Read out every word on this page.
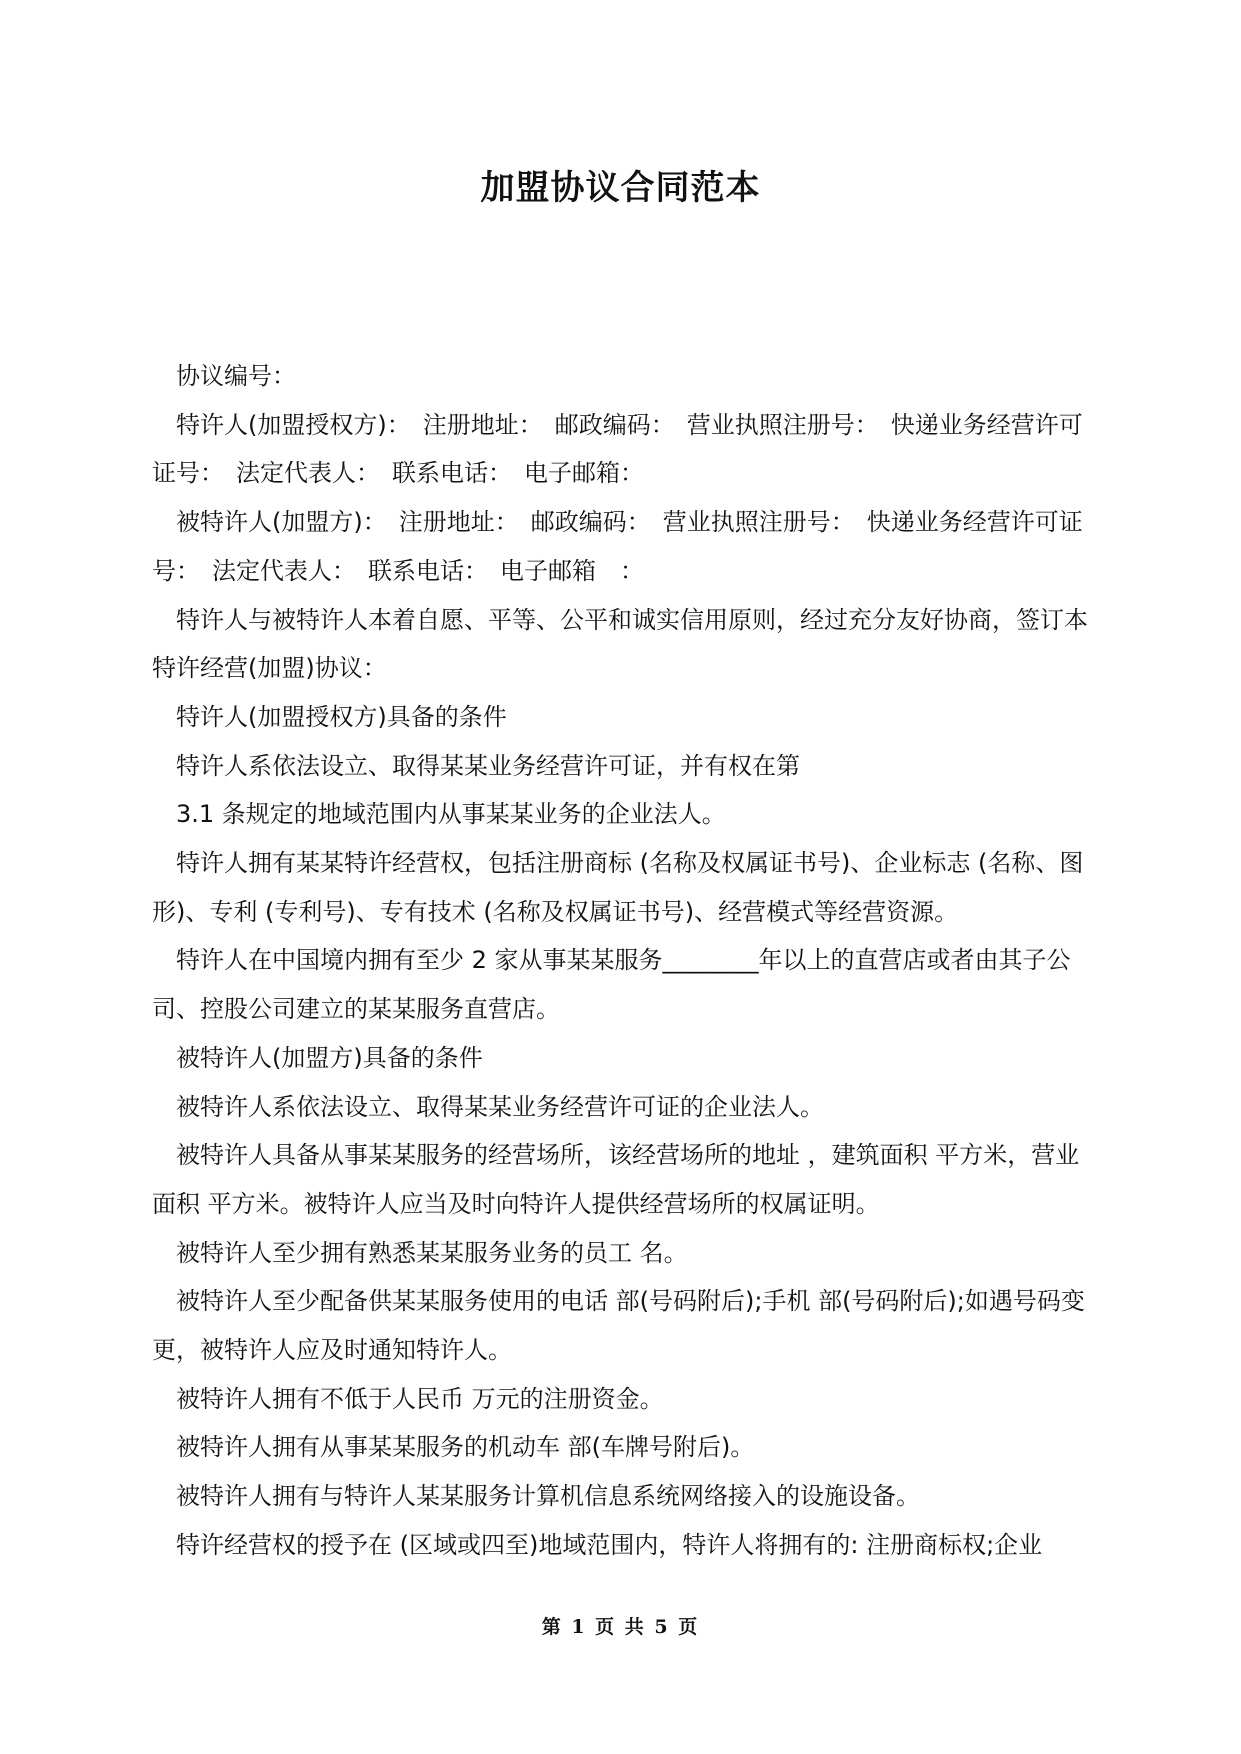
加盟协议合同范本

协议编号：

特许人(加盟授权方)：　注册地址：　邮政编码：　营业执照注册号：　快递业务经营许可证号：　法定代表人：　联系电话：　电子邮箱：

被特许人(加盟方)：　注册地址：　邮政编码：　营业执照注册号：　快递业务经营许可证号：　法定代表人：　联系电话：　电子邮箱　：

特许人与被特许人本着自愿、平等、公平和诚实信用原则，经过充分友好协商，签订本特许经营(加盟)协议：

特许人(加盟授权方)具备的条件

特许人系依法设立、取得某某业务经营许可证，并有权在第

3.1 条规定的地域范围内从事某某业务的企业法人。

特许人拥有某某特许经营权，包括注册商标 (名称及权属证书号)、企业标志 (名称、图形)、专利 (专利号)、专有技术 (名称及权属证书号)、经营模式等经营资源。

特许人在中国境内拥有至少 2 家从事某某服务________年以上的直营店或者由其子公司、控股公司建立的某某服务直营店。

被特许人(加盟方)具备的条件

被特许人系依法设立、取得某某业务经营许可证的企业法人。

被特许人具备从事某某服务的经营场所，该经营场所的地址 ，建筑面积 平方米，营业面积 平方米。被特许人应当及时向特许人提供经营场所的权属证明。

被特许人至少拥有熟悉某某服务业务的员工 名。

被特许人至少配备供某某服务使用的电话 部(号码附后);手机 部(号码附后);如遇号码变更，被特许人应及时通知特许人。

被特许人拥有不低于人民币 万元的注册资金。

被特许人拥有从事某某服务的机动车 部(车牌号附后)。

被特许人拥有与特许人某某服务计算机信息系统网络接入的设施设备。

特许经营权的授予在 (区域或四至)地域范围内，特许人将拥有的: 注册商标权;企业

第 1 页 共 5 页
